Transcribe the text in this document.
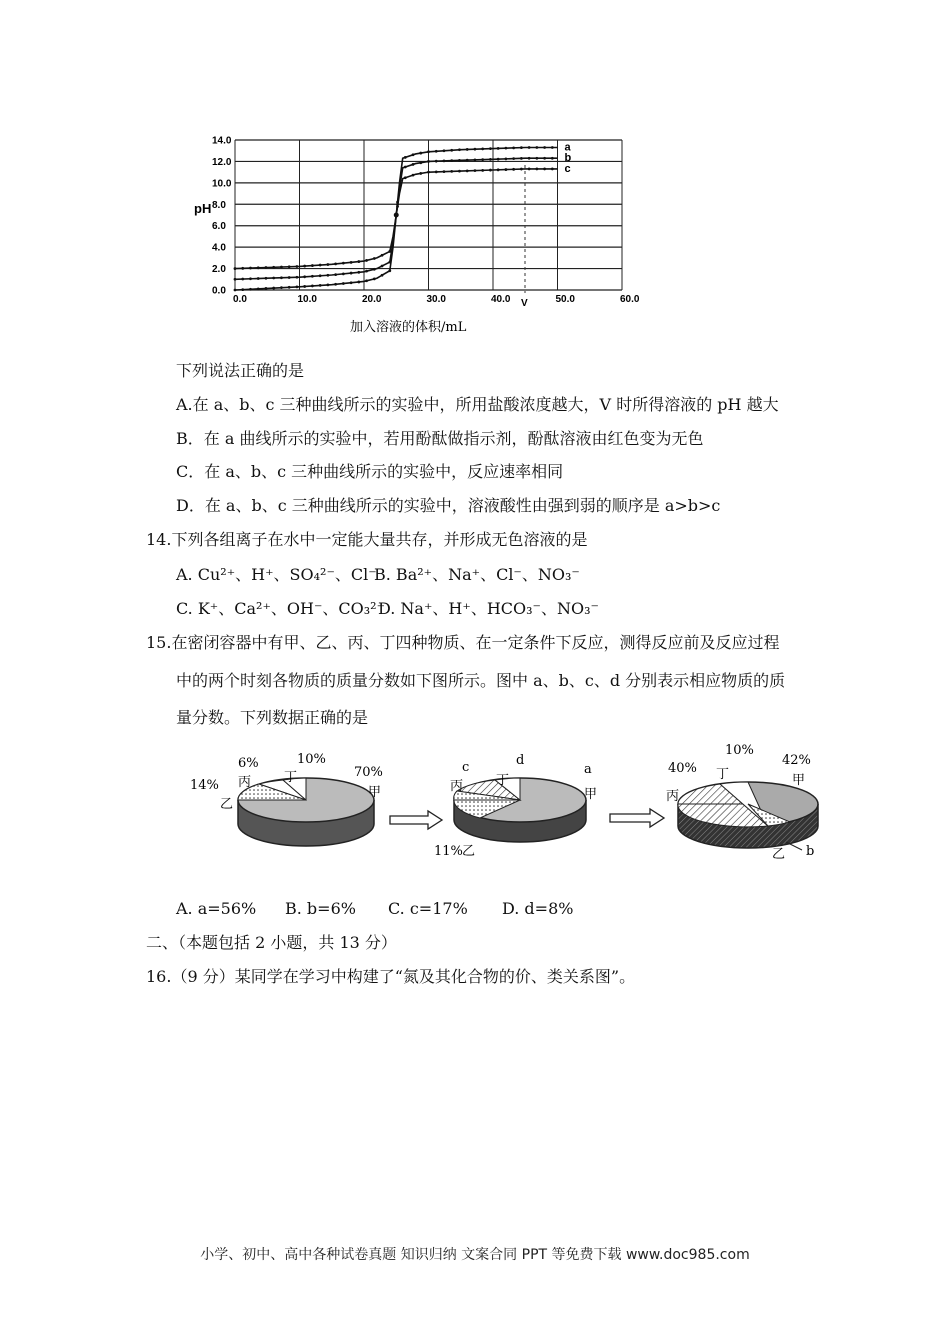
pH
14.0
12.0
10.0
8.0
6.0
4.0
2.0
0.0
0.0	10.0	20.0	30.0	40.0	50.0	60.0
V
a
b
c
加入溶液的体积/mL
下列说法正确的是
A.在 a、b、c 三种曲线所示的实验中，所用盐酸浓度越大，V 时所得溶液的 pH 越大
B．在 a 曲线所示的实验中，若用酚酞做指示剂，酚酞溶液由红色变为无色
C．在 a、b、c 三种曲线所示的实验中，反应速率相同
D．在 a、b、c 三种曲线所示的实验中，溶液酸性由强到弱的顺序是 a>b>c
14.下列各组离子在水中一定能大量共存，并形成无色溶液的是
A. Cu²⁺、H⁺、SO₄²⁻、Cl⁻
B. Ba²⁺、Na⁺、Cl⁻、NO₃⁻
C. K⁺、Ca²⁺、OH⁻、CO₃²⁻
D. Na⁺、H⁺、HCO₃⁻、NO₃⁻
15.在密闭容器中有甲、乙、丙、丁四种物质、在一定条件下反应，测得反应前及反应过程
中的两个时刻各物质的质量分数如下图所示。图中 a、b、c、d 分别表示相应物质的质
量分数。下列数据正确的是
14%
乙
6%
丙
10%
丁	70%
甲
c
丙
d
丁
a
甲
11% 乙
40%
丙
10%
丁
42%
甲
乙 b
A. a=56% B. b=6% C. c=17% D. d=8%
二、（本题包括 2 小题，共 13 分）
16.（9 分）某同学在学习中构建了“氮及其化合物的价、类关系图”。
小学、初中、高中各种试卷真题 知识归纳 文案合同 PPT 等免费下载 www.doc985.com
